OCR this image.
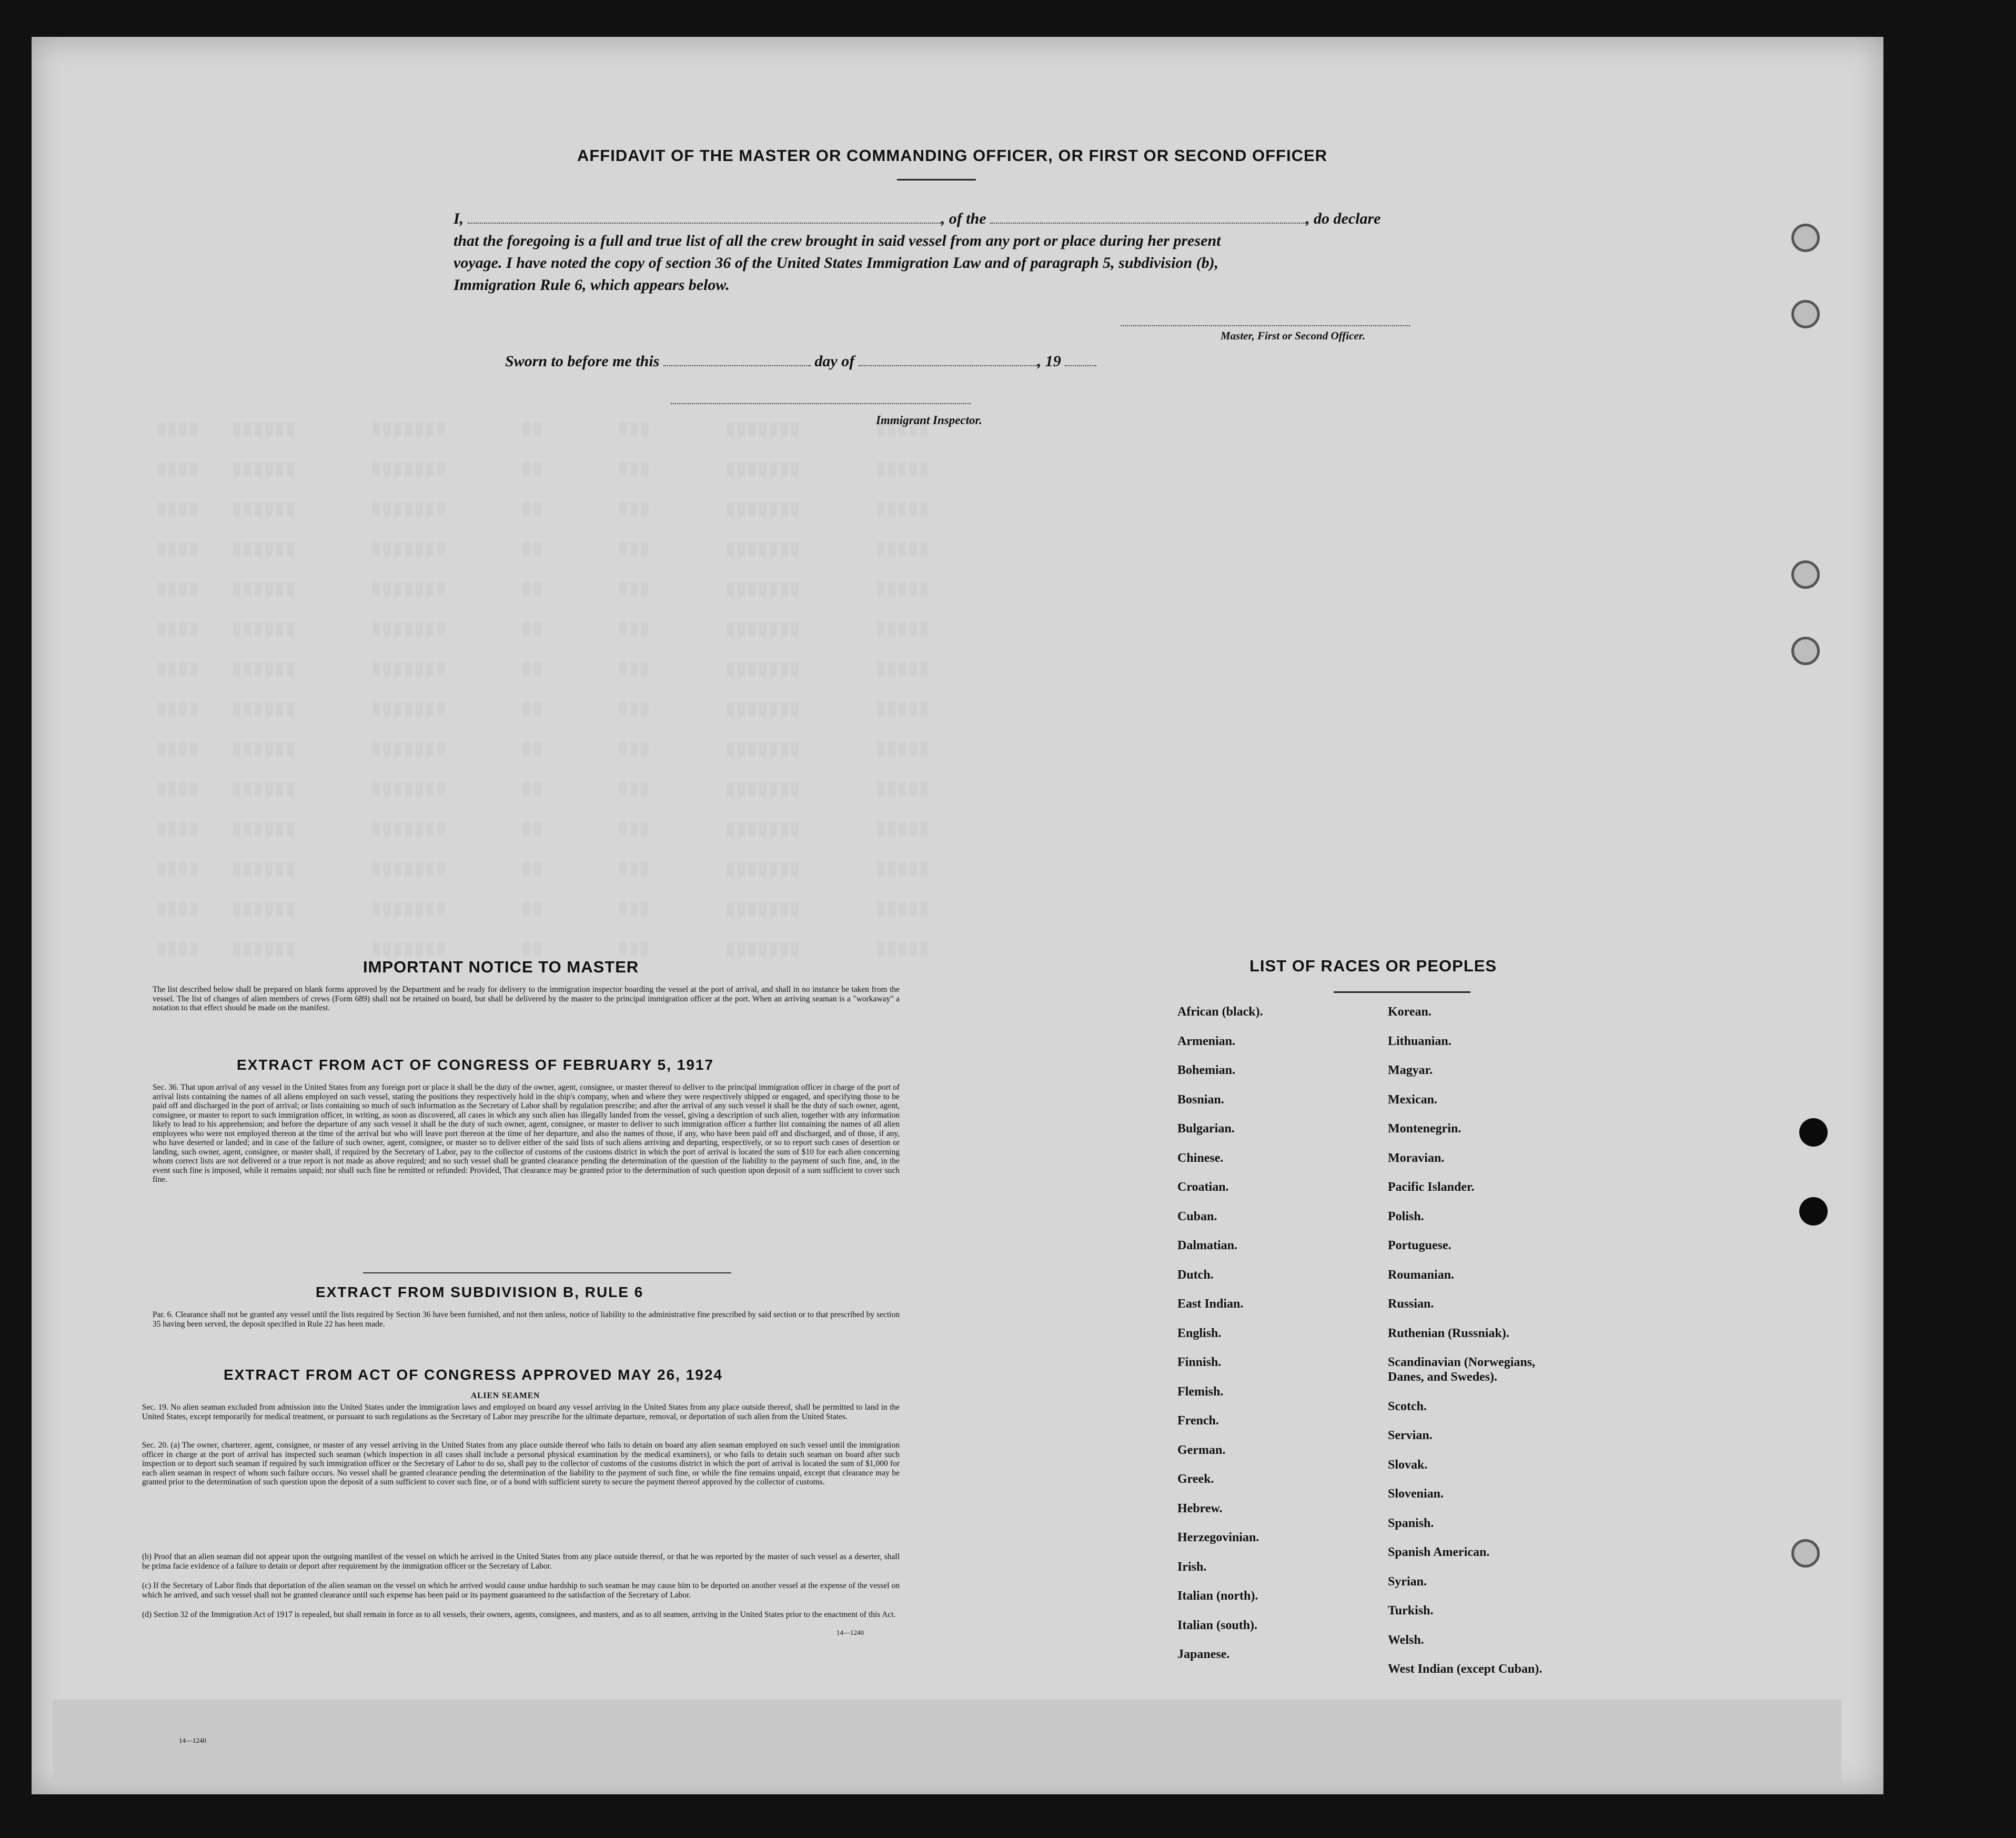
AFFIDAVIT OF THE MASTER OR COMMANDING OFFICER, OR FIRST OR SECOND OFFICER
I,	, of the	, do declare
that the foregoing is a full and true list of all the crew brought in said vessel from any port or place during her present
voyage. I have noted the copy of section 36 of the United States Immigration Law and of paragraph 5, subdivision (b),
Immigration Rule 6, which appears below.
Master, First or Second Officer.
Sworn to before me this	day of	, 19
Immigrant Inspector.
▒▒▒▒   ▒▒▒▒▒▒       ▒▒▒▒▒▒▒       ▒▒       ▒▒▒       ▒▒▒▒▒▒▒       ▒▒▒▒▒
▒▒▒▒   ▒▒▒▒▒▒       ▒▒▒▒▒▒▒       ▒▒       ▒▒▒       ▒▒▒▒▒▒▒       ▒▒▒▒▒
▒▒▒▒   ▒▒▒▒▒▒       ▒▒▒▒▒▒▒       ▒▒       ▒▒▒       ▒▒▒▒▒▒▒       ▒▒▒▒▒
▒▒▒▒   ▒▒▒▒▒▒       ▒▒▒▒▒▒▒       ▒▒       ▒▒▒       ▒▒▒▒▒▒▒       ▒▒▒▒▒
▒▒▒▒   ▒▒▒▒▒▒       ▒▒▒▒▒▒▒       ▒▒       ▒▒▒       ▒▒▒▒▒▒▒       ▒▒▒▒▒
▒▒▒▒   ▒▒▒▒▒▒       ▒▒▒▒▒▒▒       ▒▒       ▒▒▒       ▒▒▒▒▒▒▒       ▒▒▒▒▒
▒▒▒▒   ▒▒▒▒▒▒       ▒▒▒▒▒▒▒       ▒▒       ▒▒▒       ▒▒▒▒▒▒▒       ▒▒▒▒▒
▒▒▒▒   ▒▒▒▒▒▒       ▒▒▒▒▒▒▒       ▒▒       ▒▒▒       ▒▒▒▒▒▒▒       ▒▒▒▒▒
▒▒▒▒   ▒▒▒▒▒▒       ▒▒▒▒▒▒▒       ▒▒       ▒▒▒       ▒▒▒▒▒▒▒       ▒▒▒▒▒
▒▒▒▒   ▒▒▒▒▒▒       ▒▒▒▒▒▒▒       ▒▒       ▒▒▒       ▒▒▒▒▒▒▒       ▒▒▒▒▒
▒▒▒▒   ▒▒▒▒▒▒       ▒▒▒▒▒▒▒       ▒▒       ▒▒▒       ▒▒▒▒▒▒▒       ▒▒▒▒▒
▒▒▒▒   ▒▒▒▒▒▒       ▒▒▒▒▒▒▒       ▒▒       ▒▒▒       ▒▒▒▒▒▒▒       ▒▒▒▒▒
▒▒▒▒   ▒▒▒▒▒▒       ▒▒▒▒▒▒▒       ▒▒       ▒▒▒       ▒▒▒▒▒▒▒       ▒▒▒▒▒
▒▒▒▒   ▒▒▒▒▒▒       ▒▒▒▒▒▒▒       ▒▒       ▒▒▒       ▒▒▒▒▒▒▒       ▒▒▒▒▒
IMPORTANT NOTICE TO MASTER
The list described below shall be prepared on blank forms approved by the Department and be ready for delivery to the immigration inspector boarding the vessel at the port of arrival, and shall in no instance be taken from the vessel. The list of changes of alien members of crews (Form 689) shall not be retained on board, but shall be delivered by the master to the principal immigration officer at the port. When an arriving seaman is a "workaway" a notation to that effect should be made on the manifest.
EXTRACT FROM ACT OF CONGRESS OF FEBRUARY 5, 1917
Sec. 36. That upon arrival of any vessel in the United States from any foreign port or place it shall be the duty of the owner, agent, consignee, or master thereof to deliver to the principal immigration officer in charge of the port of arrival lists containing the names of all aliens employed on such vessel, stating the positions they respectively hold in the ship's company, when and where they were respectively shipped or engaged, and specifying those to be paid off and discharged in the port of arrival; or lists containing so much of such information as the Secretary of Labor shall by regulation prescribe; and after the arrival of any such vessel it shall be the duty of such owner, agent, consignee, or master to report to such immigration officer, in writing, as soon as discovered, all cases in which any such alien has illegally landed from the vessel, giving a description of such alien, together with any information likely to lead to his apprehension; and before the departure of any such vessel it shall be the duty of such owner, agent, consignee, or master to deliver to such immigration officer a further list containing the names of all alien employees who were not employed thereon at the time of the arrival but who will leave port thereon at the time of her departure, and also the names of those, if any, who have been paid off and discharged, and of those, if any, who have deserted or landed; and in case of the failure of such owner, agent, consignee, or master so to deliver either of the said lists of such aliens arriving and departing, respectively, or so to report such cases of desertion or landing, such owner, agent, consignee, or master shall, if required by the Secretary of Labor, pay to the collector of customs of the customs district in which the port of arrival is located the sum of $10 for each alien concerning whom correct lists are not delivered or a true report is not made as above required; and no such vessel shall be granted clearance pending the determination of the question of the liability to the payment of such fine, and, in the event such fine is imposed, while it remains unpaid; nor shall such fine be remitted or refunded: Provided, That clearance may be granted prior to the determination of such question upon deposit of a sum sufficient to cover such fine.
EXTRACT FROM SUBDIVISION B, RULE 6
Par. 6. Clearance shall not be granted any vessel until the lists required by Section 36 have been furnished, and not then unless, notice of liability to the administrative fine prescribed by said section or to that prescribed by section 35 having been served, the deposit specified in Rule 22 has been made.
EXTRACT FROM ACT OF CONGRESS APPROVED MAY 26, 1924
ALIEN SEAMEN
Sec. 19. No alien seaman excluded from admission into the United States under the immigration laws and employed on board any vessel arriving in the United States from any place outside thereof, shall be permitted to land in the United States, except temporarily for medical treatment, or pursuant to such regulations as the Secretary of Labor may prescribe for the ultimate departure, removal, or deportation of such alien from the United States.
Sec. 20. (a) The owner, charterer, agent, consignee, or master of any vessel arriving in the United States from any place outside thereof who fails to detain on board any alien seaman employed on such vessel until the immigration officer in charge at the port of arrival has inspected such seaman (which inspection in all cases shall include a personal physical examination by the medical examiners), or who fails to detain such seaman on board after such inspection or to deport such seaman if required by such immigration officer or the Secretary of Labor to do so, shall pay to the collector of customs of the customs district in which the port of arrival is located the sum of $1,000 for each alien seaman in respect of whom such failure occurs. No vessel shall be granted clearance pending the determination of the liability to the payment of such fine, or while the fine remains unpaid, except that clearance may be granted prior to the determination of such question upon the deposit of a sum sufficient to cover such fine, or of a bond with sufficient surety to secure the payment thereof approved by the collector of customs.
(b) Proof that an alien seaman did not appear upon the outgoing manifest of the vessel on which he arrived in the United States from any place outside thereof, or that he was reported by the master of such vessel as a deserter, shall be prima facie evidence of a failure to detain or deport after requirement by the immigration officer or the Secretary of Labor.
(c) If the Secretary of Labor finds that deportation of the alien seaman on the vessel on which he arrived would cause undue hardship to such seaman he may cause him to be deported on another vessel at the expense of the vessel on which he arrived, and such vessel shall not be granted clearance until such expense has been paid or its payment guaranteed to the satisfaction of the Secretary of Labor.
(d) Section 32 of the Immigration Act of 1917 is repealed, but shall remain in force as to all vessels, their owners, agents, consignees, and masters, and as to all seamen, arriving in the United States prior to the enactment of this Act.
14—1240
LIST OF RACES OR PEOPLES
African (black).
Armenian.
Bohemian.
Bosnian.
Bulgarian.
Chinese.
Croatian.
Cuban.
Dalmatian.
Dutch.
East Indian.
English.
Finnish.
Flemish.
French.
German.
Greek.
Hebrew.
Herzegovinian.
Irish.
Italian (north).
Italian (south).
Japanese.
Korean.
Lithuanian.
Magyar.
Mexican.
Montenegrin.
Moravian.
Pacific Islander.
Polish.
Portuguese.
Roumanian.
Russian.
Ruthenian (Russniak).
Scandinavian (Norwegians,
Danes, and Swedes).
Scotch.
Servian.
Slovak.
Slovenian.
Spanish.
Spanish American.
Syrian.
Turkish.
Welsh.
West Indian (except Cuban).
14—1240
